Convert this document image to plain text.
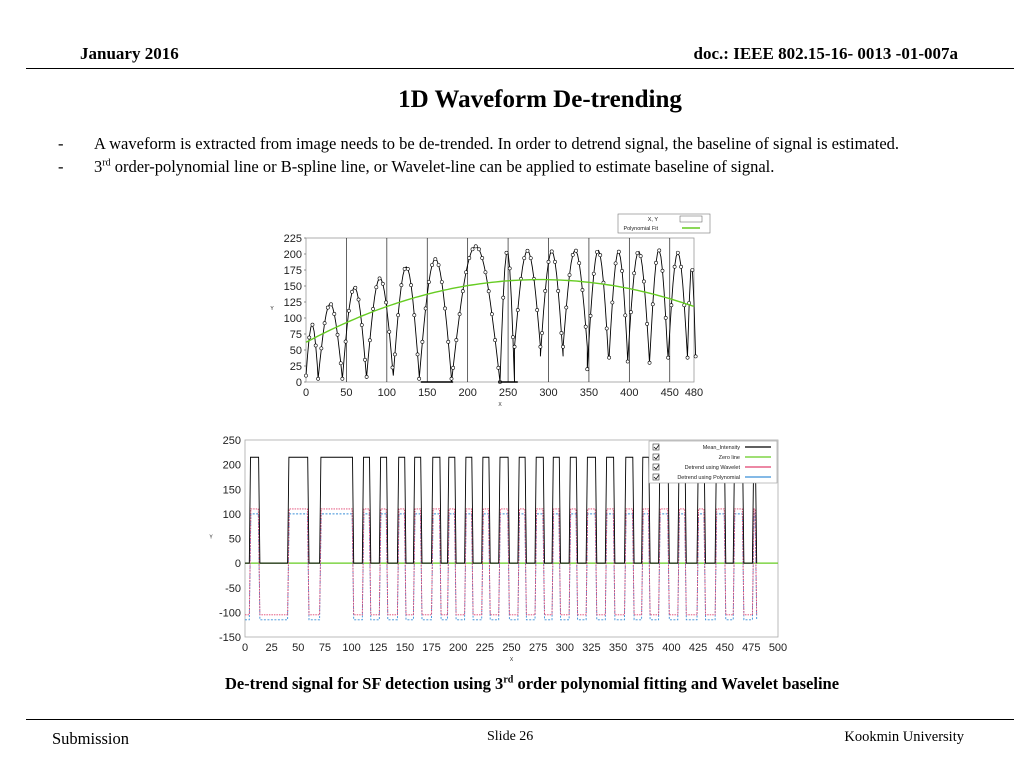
January 2016	doc.: IEEE 802.15-16- 0013 -01-007a
1D Waveform De-trending
-	A waveform is extracted from image needs to be de-trended. In order to detrend signal, the baseline of signal is estimated.
-	3rd order-polynomial line or B-spline line, or Wavelet-line can be applied to estimate baseline of signal.
0
25
50
75
100
125
150
175
200
225
0	50 100 150 200 250 300 350 400 450 480
X
Y
X, Y
Polynomial Fit
-150
-100
-50
0
50
100
150
200
250
0 25 50 75 100 125 150 175 200 225 250 275 300 325 350 375 400 425 450 475 500
X
Y
Mean_Intensity
Zero line
Detrend using Wavelet
Detrend using Polynomial
De-trend signal for SF detection using 3rd order polynomial fitting and Wavelet baseline
Submission	Slide 26	Kookmin University
